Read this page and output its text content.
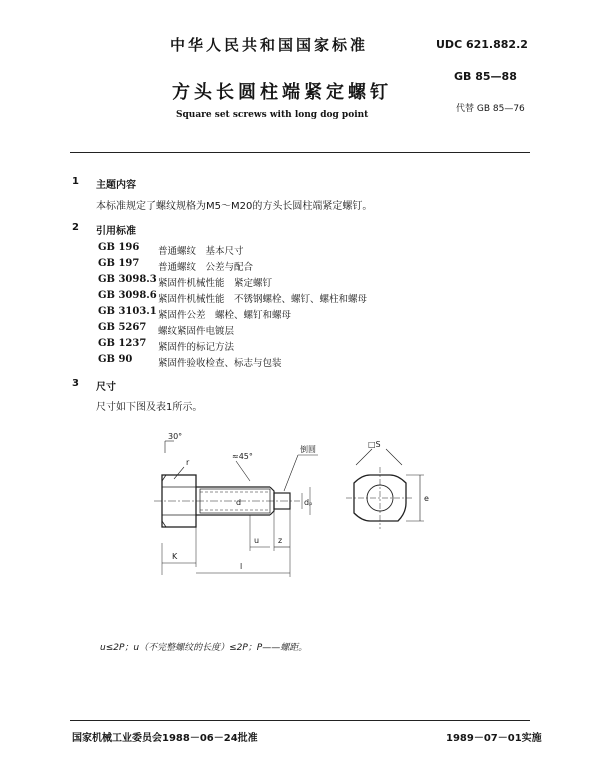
中华人民共和国国家标准	UDC 621.882.2
GB 85—88
代替 GB 85—76
方头长圆柱端紧定螺钉
Square set screws with long dog point
1 主题内容
本标准规定了螺纹规格为M5～M20的方头长圆柱端紧定螺钉。
2 引用标准
GB 196 普通螺纹　基本尺寸
GB 197 普通螺纹　公差与配合
GB 3098.3 紧固件机械性能　紧定螺钉
GB 3098.6 紧固件机械性能　不锈钢螺栓、螺钉、螺柱和螺母
GB 3103.1 紧固件公差　螺栓、螺钉和螺母
GB 5267 螺纹紧固件电镀层
GB 1237 紧固件的标记方法
GB 90	紧固件验收检查、标志与包装
3 尺寸
尺寸如下图及表1所示。
30°
r
≈45°
倒圆
d	dₚ
K
l
z
u
□S
e
u≤2P；u（不完整螺纹的长度）≤2P；P——螺距。
国家机械工业委员会1988－06－24批准	1989－07－01实施
